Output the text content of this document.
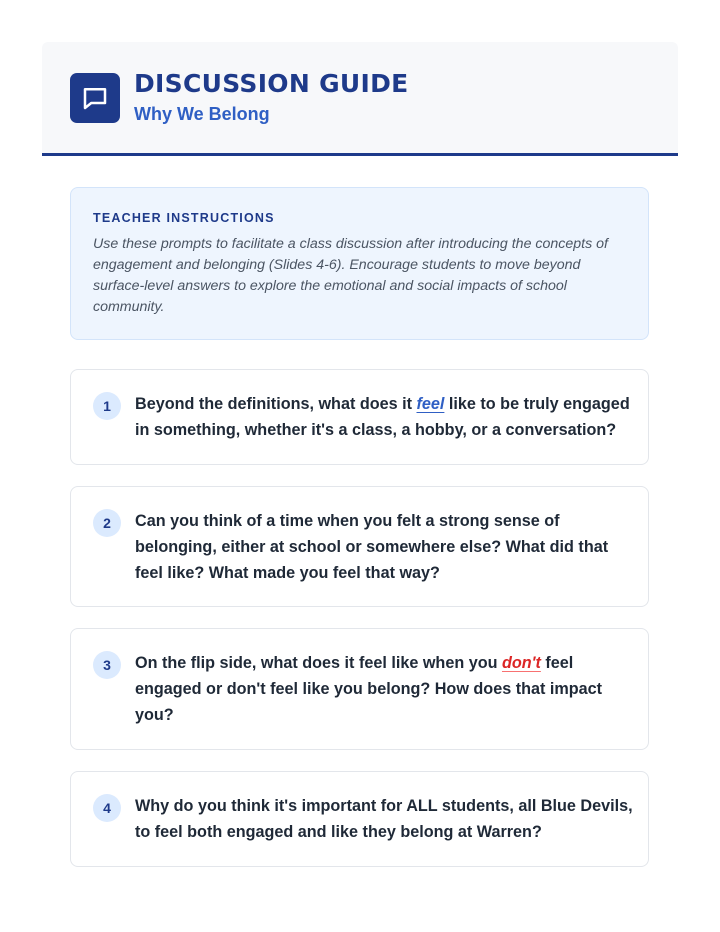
DISCUSSION GUIDE
Why We Belong
TEACHER INSTRUCTIONS
Use these prompts to facilitate a class discussion after introducing the concepts of engagement and belonging (Slides 4-6). Encourage students to move beyond surface-level answers to explore the emotional and social impacts of school community.
1	Beyond the definitions, what does it feel like to be truly engaged in something, whether it's a class, a hobby, or a conversation?
2	Can you think of a time when you felt a strong sense of belonging, either at school or somewhere else? What did that feel like? What made you feel that way?
3	On the flip side, what does it feel like when you don't feel engaged or don't feel like you belong? How does that impact you?
4	Why do you think it's important for ALL students, all Blue Devils, to feel both engaged and like they belong at Warren?
